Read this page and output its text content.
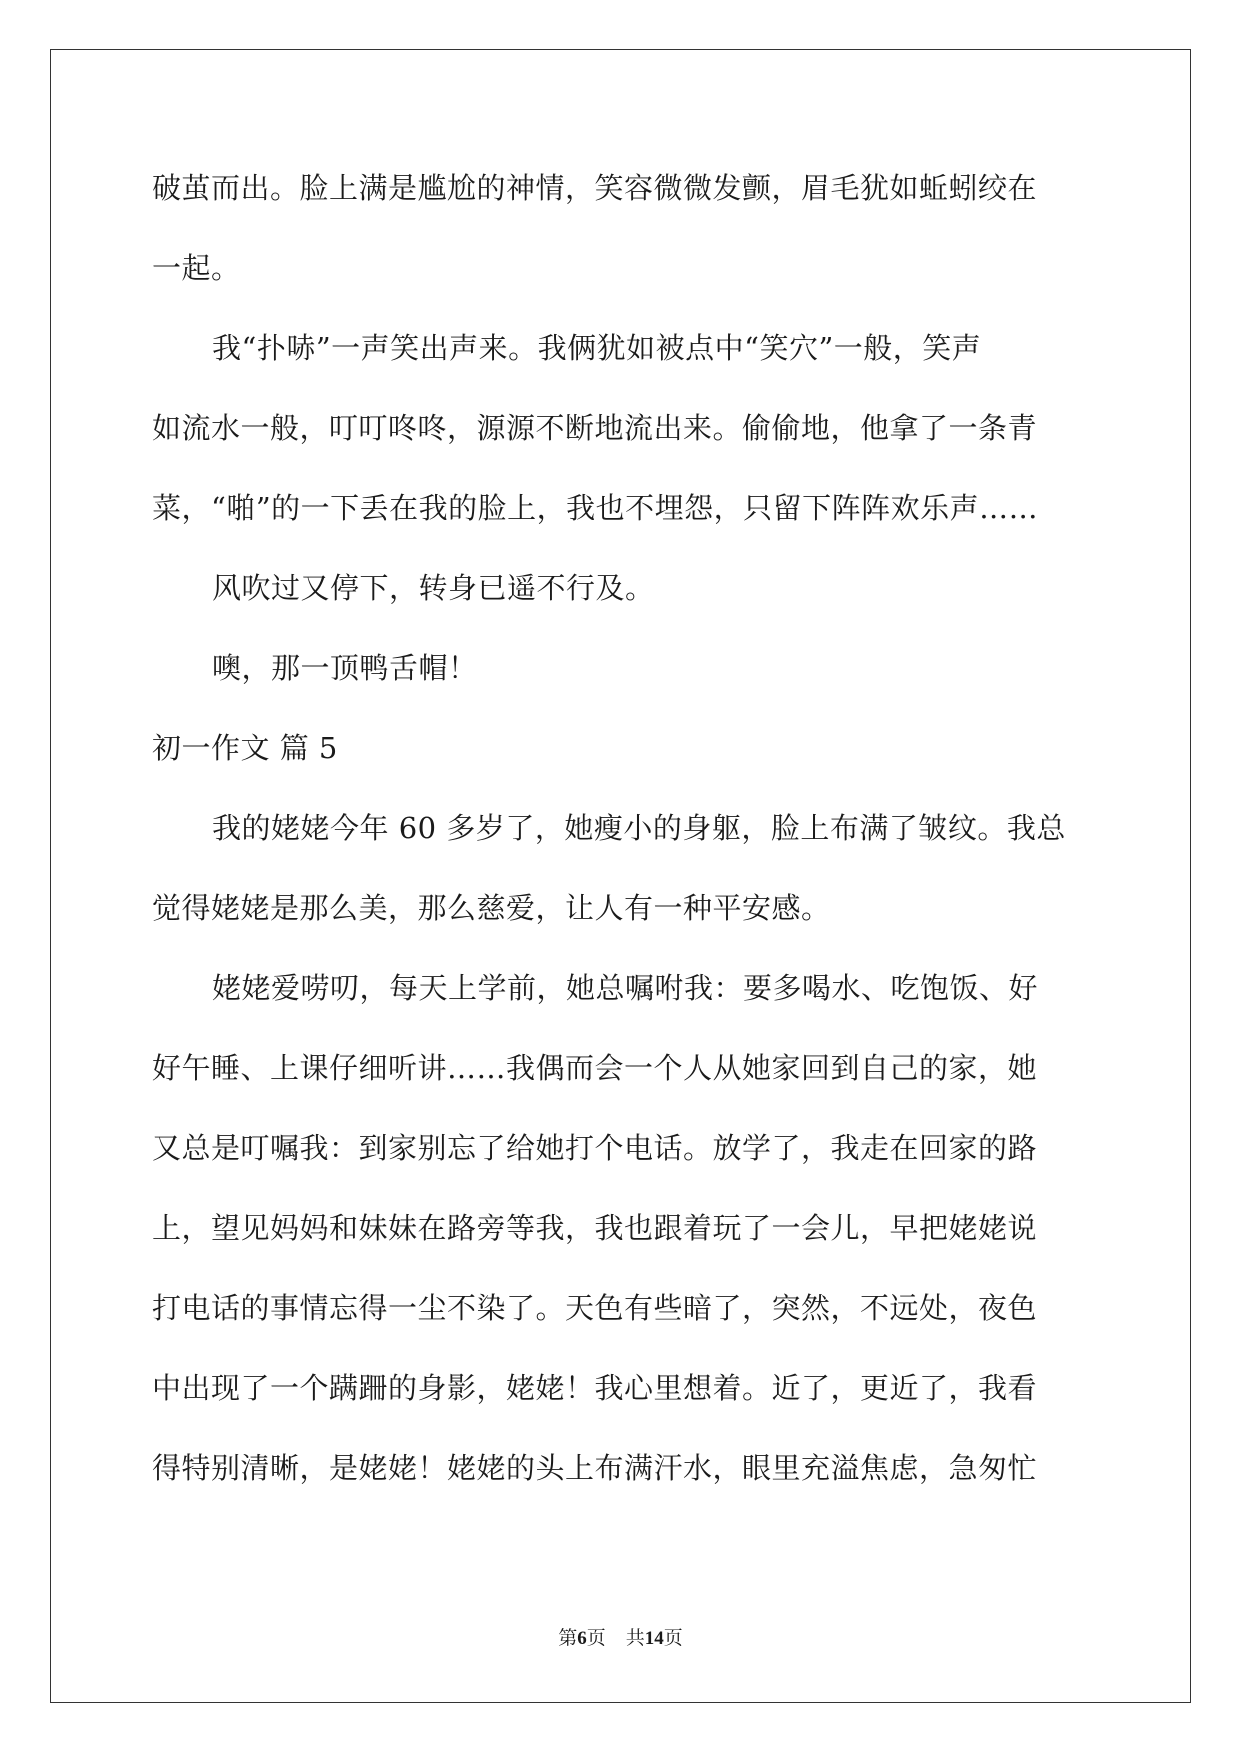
破茧而出。脸上满是尴尬的神情，笑容微微发颤，眉毛犹如蚯蚓绞在
一起。
我“扑哧”一声笑出声来。我俩犹如被点中“笑穴”一般，笑声
如流水一般，叮叮咚咚，源源不断地流出来。偷偷地，他拿了一条青
菜，“啪”的一下丢在我的脸上，我也不埋怨，只留下阵阵欢乐声……
风吹过又停下，转身已遥不行及。
噢，那一顶鸭舌帽！
初一作文 篇 5
我的姥姥今年 60 多岁了，她瘦小的身躯，脸上布满了皱纹。我总
觉得姥姥是那么美，那么慈爱，让人有一种平安感。
姥姥爱唠叨，每天上学前，她总嘱咐我：要多喝水、吃饱饭、好
好午睡、上课仔细听讲……我偶而会一个人从她家回到自己的家，她
又总是叮嘱我：到家别忘了给她打个电话。放学了，我走在回家的路
上，望见妈妈和妹妹在路旁等我，我也跟着玩了一会儿，早把姥姥说
打电话的事情忘得一尘不染了。天色有些暗了，突然，不远处，夜色
中出现了一个蹒跚的身影，姥姥！我心里想着。近了，更近了，我看
得特别清晰，是姥姥！姥姥的头上布满汗水，眼里充溢焦虑，急匆忙
第6页 共14页
